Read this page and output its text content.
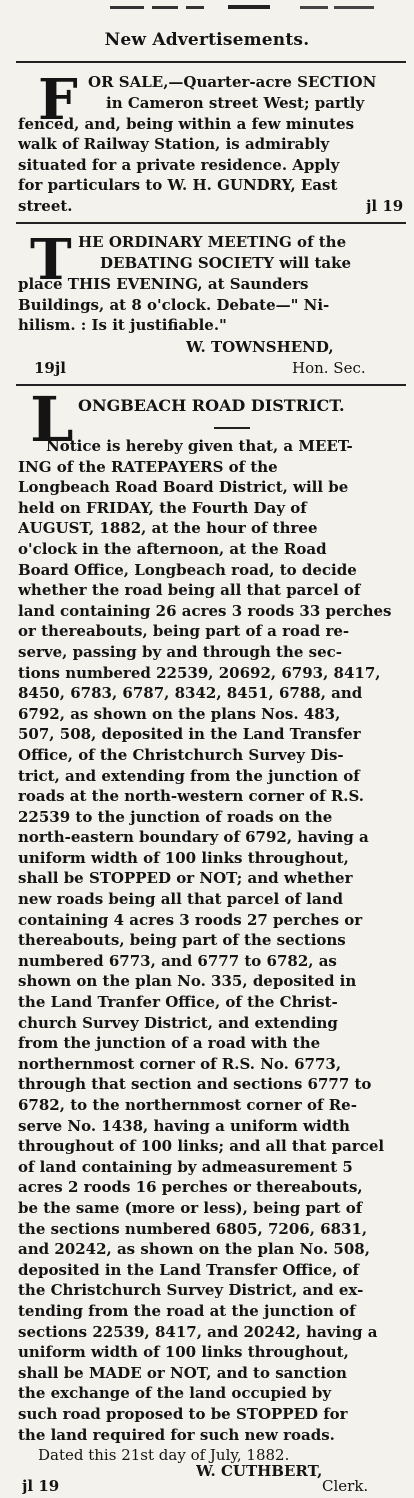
New Advertisements.
F OR SALE,—Quarter-acre SECTION
in Cameron street West; partly
fenced, and, being within a few minutes
walk of Railway Station, is admirably
situated for a private residence. Apply
for particulars to W. H. GUNDRY, East
street.	jl 19
T HE ORDINARY MEETING of the
DEBATING SOCIETY will take
place THIS EVENING, at Saunders
Buildings, at 8 o'clock. Debate—" Ni-
hilism. : Is it justifiable."
W. TOWNSHEND,
19jl	Hon. Sec.
L ONGBEACH ROAD DISTRICT.
Notice is hereby given that, a MEET-
ING of the RATEPAYERS of the
Longbeach Road Board District, will be
held on FRIDAY, the Fourth Day of
AUGUST, 1882, at the hour of three
o'clock in the afternoon, at the Road
Board Office, Longbeach road, to decide
whether the road being all that parcel of
land containing 26 acres 3 roods 33 perches
or thereabouts, being part of a road re-
serve, passing by and through the sec-
tions numbered 22539, 20692, 6793, 8417,
8450, 6783, 6787, 8342, 8451, 6788, and
6792, as shown on the plans Nos. 483,
507, 508, deposited in the Land Transfer
Office, of the Christchurch Survey Dis-
trict, and extending from the junction of
roads at the north-western corner of R.S.
22539 to the junction of roads on the
north-eastern boundary of 6792, having a
uniform width of 100 links throughout,
shall be STOPPED or NOT; and whether
new roads being all that parcel of land
containing 4 acres 3 roods 27 perches or
thereabouts, being part of the sections
numbered 6773, and 6777 to 6782, as
shown on the plan No. 335, deposited in
the Land Tranfer Office, of the Christ-
church Survey District, and extending
from the junction of a road with the
northernmost corner of R.S. No. 6773,
through that section and sections 6777 to
6782, to the northernmost corner of Re-
serve No. 1438, having a uniform width
throughout of 100 links; and all that parcel
of land containing by admeasurement 5
acres 2 roods 16 perches or thereabouts,
be the same (more or less), being part of
the sections numbered 6805, 7206, 6831,
and 20242, as shown on the plan No. 508,
deposited in the Land Transfer Office, of
the Christchurch Survey District, and ex-
tending from the road at the junction of
sections 22539, 8417, and 20242, having a
uniform width of 100 links throughout,
shall be MADE or NOT, and to sanction
the exchange of the land occupied by
such road proposed to be STOPPED for
the land required for such new roads.
Dated this 21st day of July, 1882.
W. CUTHBERT,
jl 19	Clerk.
